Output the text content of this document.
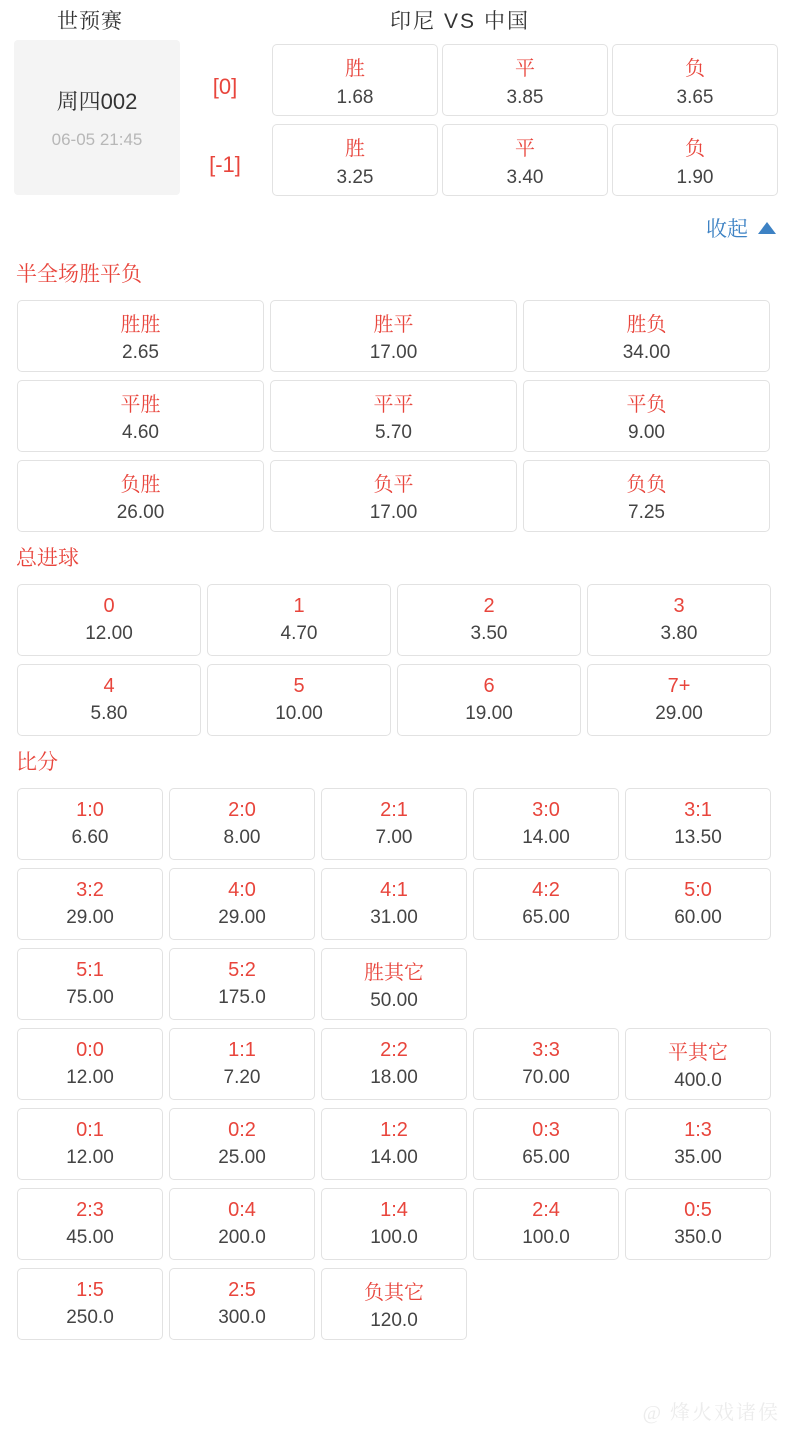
世预赛	印尼 VS 中国
周四002
06-05 21:45
[0]
[-1]
胜
1.68
平
3.85
负
3.65
胜
3.25
平
3.40
负
1.90
收起
半全场胜平负
胜胜
2.65
胜平
17.00
胜负
34.00
平胜
4.60
平平
5.70
平负
9.00
负胜
26.00
负平
17.00
负负
7.25
总进球
0
12.00
1
4.70
2
3.50
3
3.80
4
5.80
5
10.00
6
19.00
7+
29.00
比分
1:0
6.60
2:0
8.00
2:1
7.00
3:0
14.00
3:1
13.50
3:2
29.00
4:0
29.00
4:1
31.00
4:2
65.00
5:0
60.00
5:1
75.00
5:2
175.0
胜其它
50.00
0:0
12.00
1:1
7.20
2:2
18.00
3:3
70.00
平其它
400.0
0:1
12.00
0:2
25.00
1:2
14.00
0:3
65.00
1:3
35.00
2:3
45.00
0:4
200.0
1:4
100.0
2:4
100.0
0:5
350.0
1:5
250.0
2:5
300.0
负其它
120.0
@ 烽火戏诸侯
